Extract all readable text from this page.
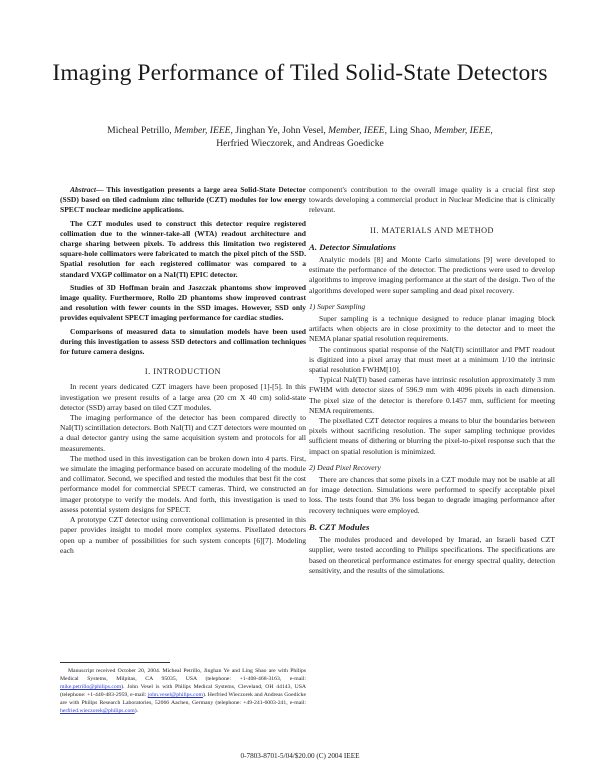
Imaging Performance of Tiled Solid-State Detectors
Micheal Petrillo, Member, IEEE, Jinghan Ye, John Vesel, Member, IEEE, Ling Shao, Member, IEEE,
Herfried Wieczorek, and Andreas Goedicke

Abstract— This investigation presents a large area Solid-State Detector (SSD) based on tiled cadmium zinc telluride (CZT) modules for low energy SPECT nuclear medicine applications.

The CZT modules used to construct this detector require registered collimation due to the winner-take-all (WTA) readout architecture and charge sharing between pixels. To address this limitation two registered square-hole collimators were fabricated to match the pixel pitch of the SSD. Spatial resolution for each registered collimator was compared to a standard VXGP collimator on a NaI(Tl) EPIC detector.

Studies of 3D Hoffman brain and Jaszczak phantoms show improved image quality. Furthermore, Rollo 2D phantoms show improved contrast and resolution with fewer counts in the SSD images. However, SSD only provides equivalent SPECT imaging performance for cardiac studies.

Comparisons of measured data to simulation models have been used during this investigation to assess SSD detectors and collimation techniques for future camera designs.

I. INTRODUCTION

In recent years dedicated CZT imagers have been proposed [1]-[5]. In this investigation we present results of a large area (20 cm X 40 cm) solid-state detector (SSD) array based on tiled CZT modules.

The imaging performance of the detector has been compared directly to NaI(Tl) scintillation detectors. Both NaI(Tl) and CZT detectors were mounted on a dual detector gantry using the same acquisition system and protocols for all measurements.

The method used in this investigation can be broken down into 4 parts. First, we simulate the imaging performance based on accurate modeling of the module and collimator. Second, we specified and tested the modules that best fit the cost performance model for commercial SPECT cameras. Third, we constructed an imager prototype to verify the models. And forth, this investigation is used to assess potential system designs for SPECT.

A prototype CZT detector using conventional collimation is presented in this paper provides insight to model more complex systems. Pixellated detectors open up a number of possibilities for such system concepts [6][7]. Modeling each

component's contribution to the overall image quality is a crucial first step towards developing a commercial product in Nuclear Medicine that is clinically relevant.

II. MATERIALS AND METHOD
A. Detector Simulations

Analytic models [8] and Monte Carlo simulations [9] were developed to estimate the performance of the detector. The predictions were used to develop algorithms to improve imaging performance at the start of the design. Two of the algorithms developed were super sampling and dead pixel recovery.

1) Super Sampling

Super sampling is a technique designed to reduce planar imaging block artifacts when objects are in close proximity to the detector and to meet the NEMA planar spatial resolution requirements.

The continuous spatial response of the NaI(Tl) scintillator and PMT readout is digitized into a pixel array that must meet at a minimum 1/10 the intrinsic spatial resolution FWHM[10].

Typical NaI(Tl) based cameras have intrinsic resolution approximately 3 mm FWHM with detector sizes of 596.9 mm with 4096 pixels in each dimension. The pixel size of the detector is therefore 0.1457 mm, sufficient for meeting NEMA requirements.

The pixellated CZT detector requires a means to blur the boundaries between pixels without sacrificing resolution. The super sampling technique provides sufficient means of dithering or blurring the pixel-to-pixel response such that the impact on spatial resolution is minimized.

2) Dead Pixel Recovery

There are chances that some pixels in a CZT module may not be usable at all for image detection. Simulations were performed to specify acceptable pixel loss. The tests found that 3% loss began to degrade imaging performance after recovery techniques were employed.

B. CZT Modules

The modules produced and developed by Imarad, an Israeli based CZT supplier, were tested according to Philips specifications. The specifications are based on theoretical performance estimates for energy spectral quality, detection sensitivity, and the results of the simulations.

Manuscript received October 20, 2004. Micheal Petrillo, Jinghan Ye and Ling Shao are with Philips Medical Systems, Milpitas, CA 95035, USA (telephone: +1-408-468-3163, e-mail: mike.petrillo@philips.com). John Vesel is with Philips Medical Systems, Cleveland, OH 44143, USA (telephone: +1-440-483-2959, e-mail: john.vesel@philips.com). Herfried Wieczorek and Andreas Goedicke are with Philips Research Laboratories, 52066 Aachen, Germany (telephone: +49-241-6003-241, e-mail: herfried.wieczorek@philips.com).

0-7803-8701-5/04/$20.00 (C) 2004 IEEE
